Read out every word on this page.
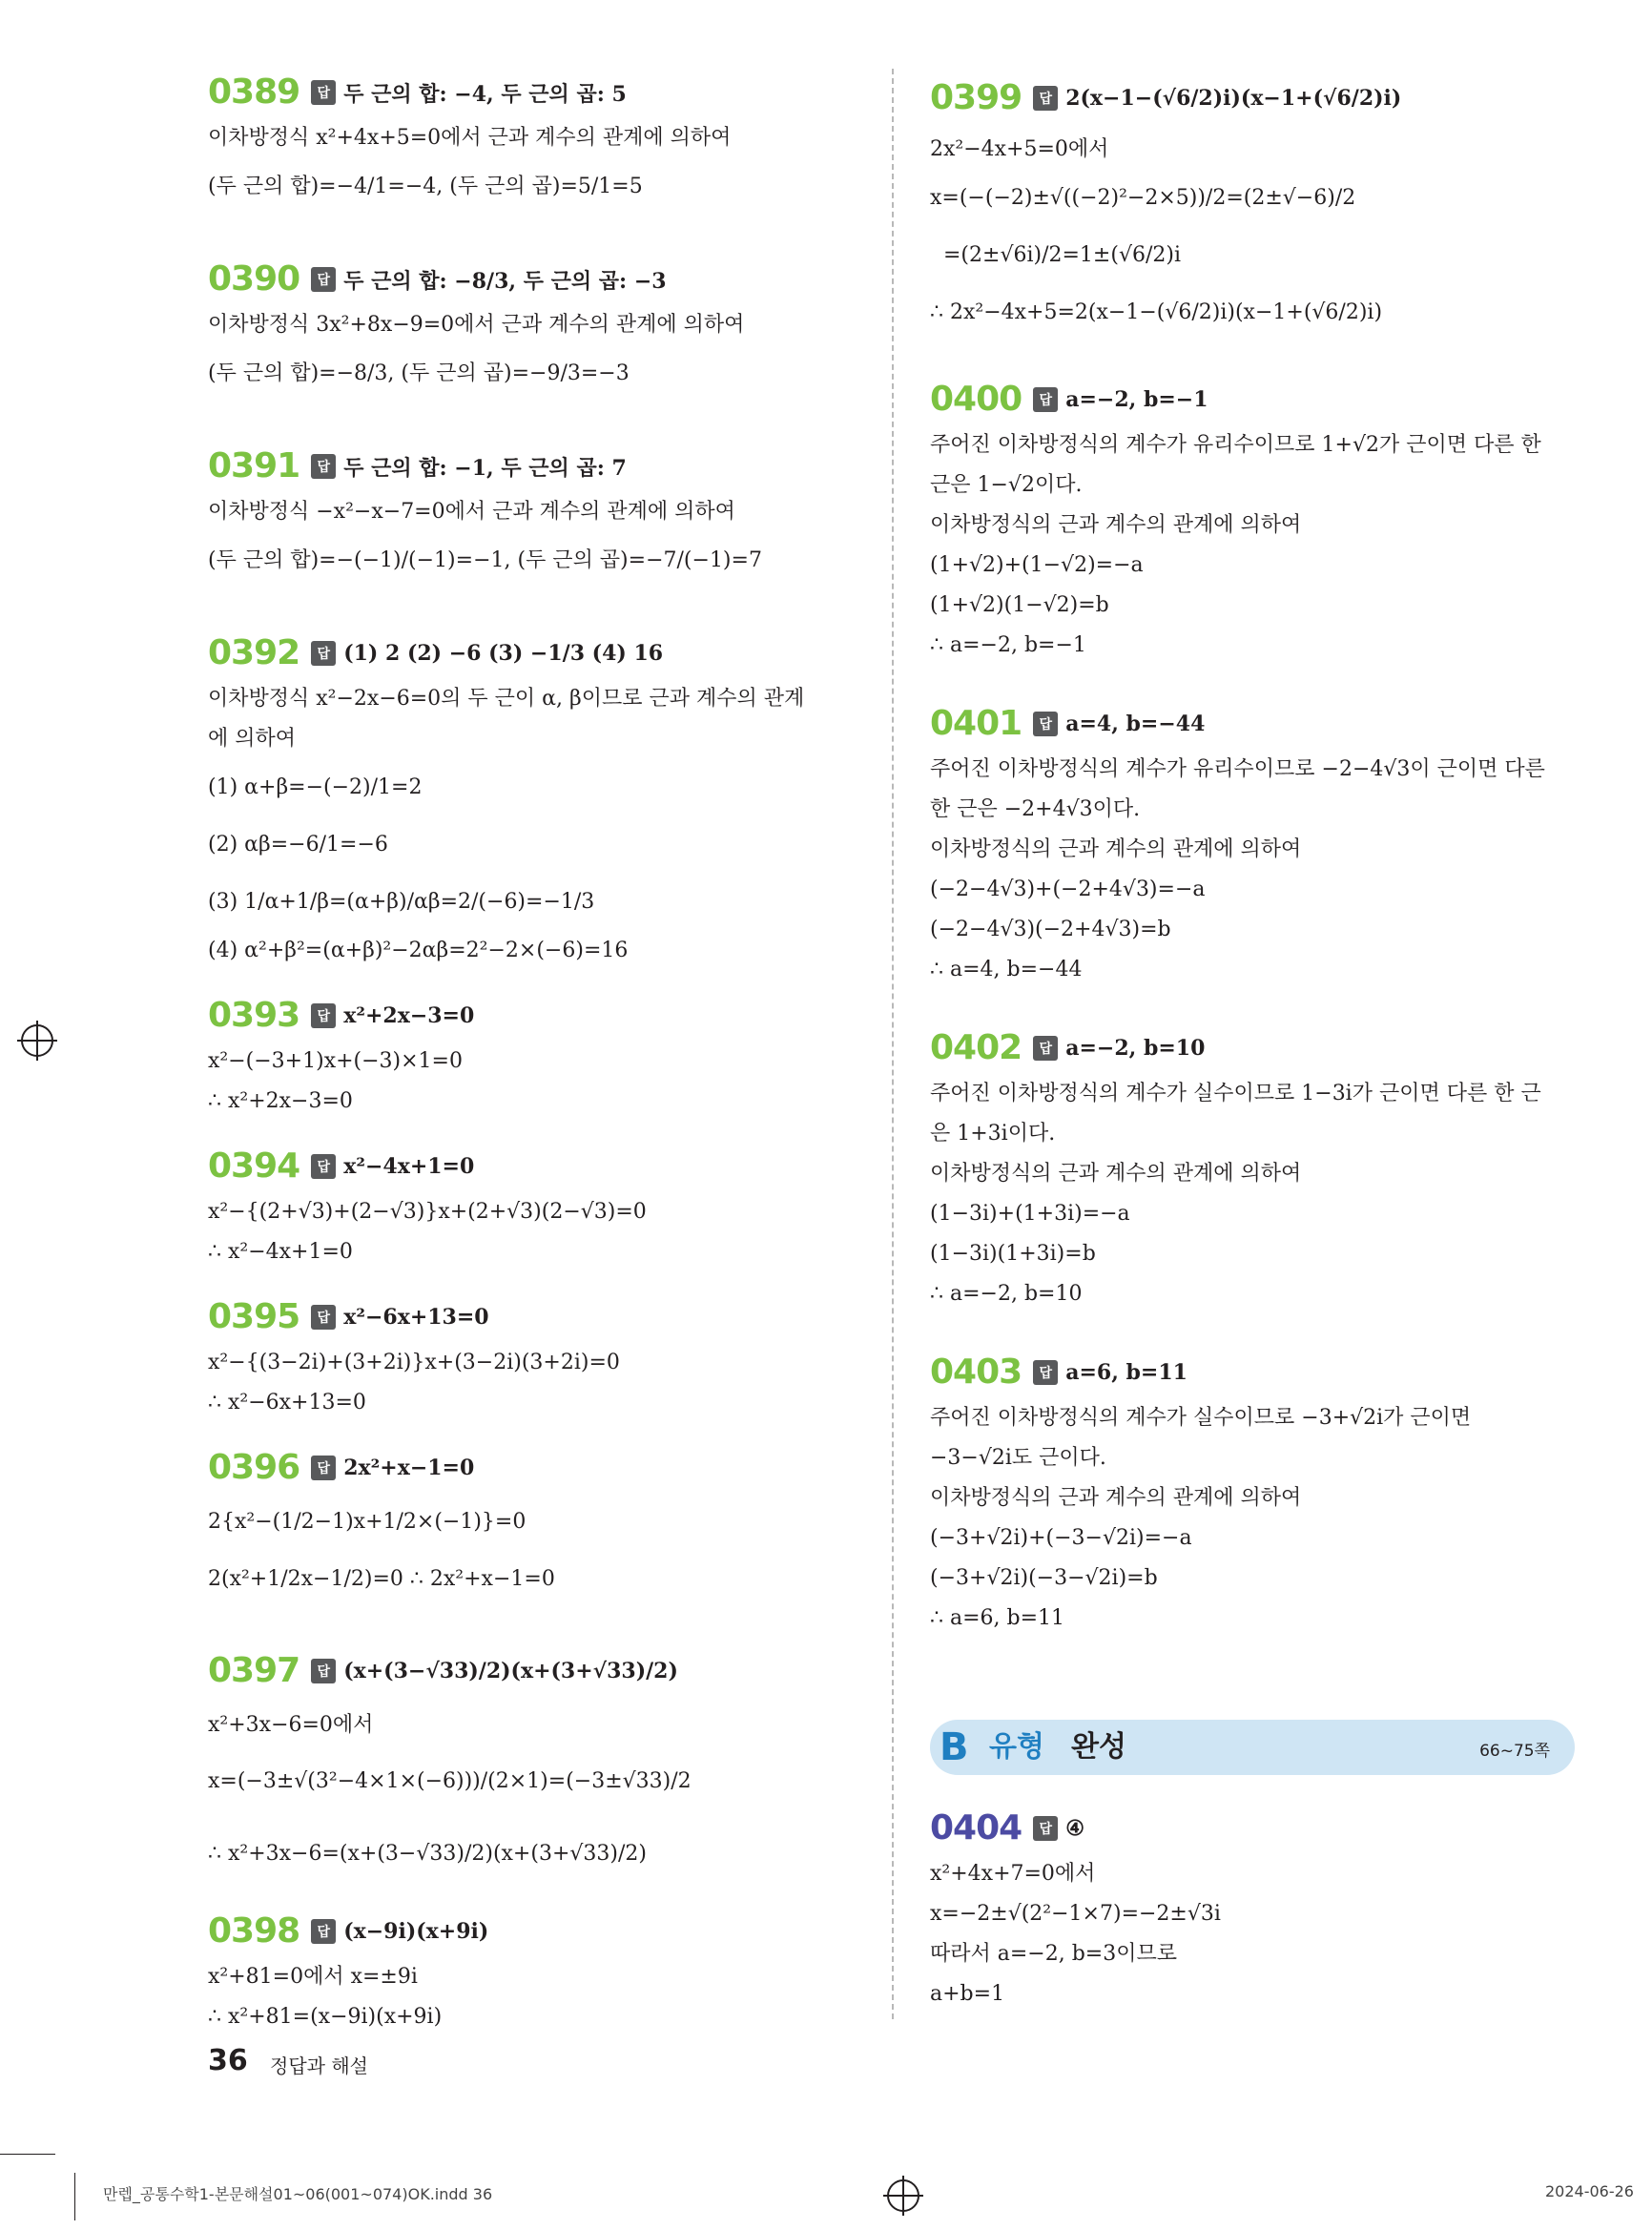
0389	답 두 근의 합: −4, 두 근의 곱: 5
이차방정식 x²+4x+5=0에서 근과 계수의 관계에 의하여
(두 근의 합)=−4/1=−4, (두 근의 곱)=5/1=5
0390	답 두 근의 합: −8/3, 두 근의 곱: −3
이차방정식 3x²+8x−9=0에서 근과 계수의 관계에 의하여
(두 근의 합)=−8/3, (두 근의 곱)=−9/3=−3
0391	답 두 근의 합: −1, 두 근의 곱: 7
이차방정식 −x²−x−7=0에서 근과 계수의 관계에 의하여
(두 근의 합)=−(−1)/(−1)=−1, (두 근의 곱)=−7/(−1)=7
0392	답 (1) 2 (2) −6 (3) −1/3 (4) 16
이차방정식 x²−2x−6=0의 두 근이 α, β이므로 근과 계수의 관계
에 의하여
(1) α+β=−(−2)/1=2
(2) αβ=−6/1=−6
(3) 1/α+1/β=(α+β)/αβ=2/(−6)=−1/3
(4) α²+β²=(α+β)²−2αβ=2²−2×(−6)=16
0393	답 x²+2x−3=0
x²−(−3+1)x+(−3)×1=0
∴ x²+2x−3=0
0394	답 x²−4x+1=0
x²−{(2+√3)+(2−√3)}x+(2+√3)(2−√3)=0
∴ x²−4x+1=0
0395	답 x²−6x+13=0
x²−{(3−2i)+(3+2i)}x+(3−2i)(3+2i)=0
∴ x²−6x+13=0
0396	답 2x²+x−1=0
2{x²−(1/2−1)x+1/2×(−1)}=0
2(x²+1/2x−1/2)=0 ∴ 2x²+x−1=0
0397	답 (x+(3−√33)/2)(x+(3+√33)/2)
x²+3x−6=0에서
x=(−3±√(3²−4×1×(−6)))/(2×1)=(−3±√33)/2
∴ x²+3x−6=(x+(3−√33)/2)(x+(3+√33)/2)
0398	답 (x−9i)(x+9i)
x²+81=0에서 x=±9i
∴ x²+81=(x−9i)(x+9i)
0399	답 2(x−1−(√6/2)i)(x−1+(√6/2)i)
2x²−4x+5=0에서
x=(−(−2)±√((−2)²−2×5))/2=(2±√−6)/2
=(2±√6i)/2=1±(√6/2)i
∴ 2x²−4x+5=2(x−1−(√6/2)i)(x−1+(√6/2)i)
0400	답 a=−2, b=−1
주어진 이차방정식의 계수가 유리수이므로 1+√2가 근이면 다른 한
근은 1−√2이다.
이차방정식의 근과 계수의 관계에 의하여
(1+√2)+(1−√2)=−a
(1+√2)(1−√2)=b
∴ a=−2, b=−1
0401	답 a=4, b=−44
주어진 이차방정식의 계수가 유리수이므로 −2−4√3이 근이면 다른
한 근은 −2+4√3이다.
이차방정식의 근과 계수의 관계에 의하여
(−2−4√3)+(−2+4√3)=−a
(−2−4√3)(−2+4√3)=b
∴ a=4, b=−44
0402	답 a=−2, b=10
주어진 이차방정식의 계수가 실수이므로 1−3i가 근이면 다른 한 근
은 1+3i이다.
이차방정식의 근과 계수의 관계에 의하여
(1−3i)+(1+3i)=−a
(1−3i)(1+3i)=b
∴ a=−2, b=10
0403	답 a=6, b=11
주어진 이차방정식의 계수가 실수이므로 −3+√2i가 근이면
−3−√2i도 근이다.
이차방정식의 근과 계수의 관계에 의하여
(−3+√2i)+(−3−√2i)=−a
(−3+√2i)(−3−√2i)=b
∴ a=6, b=11
B 유형 완성	66~75쪽
0404	답 ④
x²+4x+7=0에서
x=−2±√(2²−1×7)=−2±√3i
따라서 a=−2, b=3이므로
a+b=1
36 정답과 해설
만렙_공통수학1-본문해설01~06(001~074)OK.indd 36	2024-06-26
